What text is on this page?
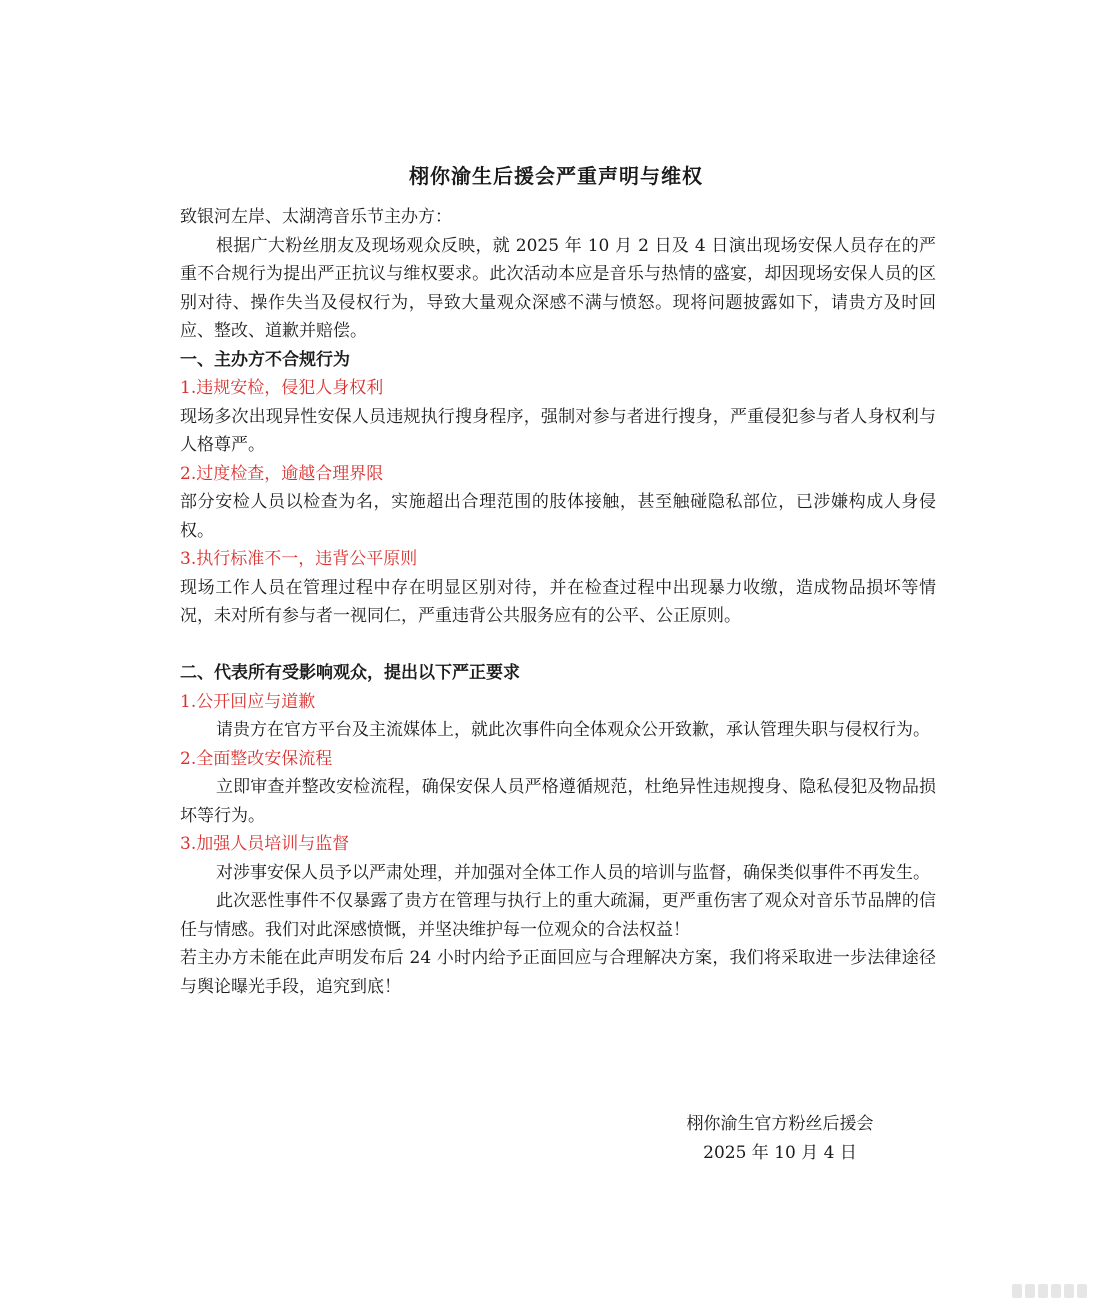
栩你渝生后援会严重声明与维权

致银河左岸、太湖湾音乐节主办方：

根据广大粉丝朋友及现场观众反映，就 2025 年 10 月 2 日及 4 日演出现场安保人员存在的严重不合规行为提出严正抗议与维权要求。此次活动本应是音乐与热情的盛宴，却因现场安保人员的区别对待、操作失当及侵权行为，导致大量观众深感不满与愤怒。现将问题披露如下，请贵方及时回应、整改、道歉并赔偿。

一、主办方不合规行为

1.违规安检，侵犯人身权利

现场多次出现异性安保人员违规执行搜身程序，强制对参与者进行搜身，严重侵犯参与者人身权利与人格尊严。

2.过度检查，逾越合理界限

部分安检人员以检查为名，实施超出合理范围的肢体接触，甚至触碰隐私部位，已涉嫌构成人身侵权。

3.执行标准不一，违背公平原则

现场工作人员在管理过程中存在明显区别对待，并在检查过程中出现暴力收缴，造成物品损坏等情况，未对所有参与者一视同仁，严重违背公共服务应有的公平、公正原则。

二、代表所有受影响观众，提出以下严正要求

1.公开回应与道歉

请贵方在官方平台及主流媒体上，就此次事件向全体观众公开致歉，承认管理失职与侵权行为。

2.全面整改安保流程

立即审查并整改安检流程，确保安保人员严格遵循规范，杜绝异性违规搜身、隐私侵犯及物品损坏等行为。

3.加强人员培训与监督

对涉事安保人员予以严肃处理，并加强对全体工作人员的培训与监督，确保类似事件不再发生。

此次恶性事件不仅暴露了贵方在管理与执行上的重大疏漏，更严重伤害了观众对音乐节品牌的信任与情感。我们对此深感愤慨，并坚决维护每一位观众的合法权益！

若主办方未能在此声明发布后 24 小时内给予正面回应与合理解决方案，我们将采取进一步法律途径与舆论曝光手段，追究到底！

栩你渝生官方粉丝后援会
2025 年 10 月 4 日
